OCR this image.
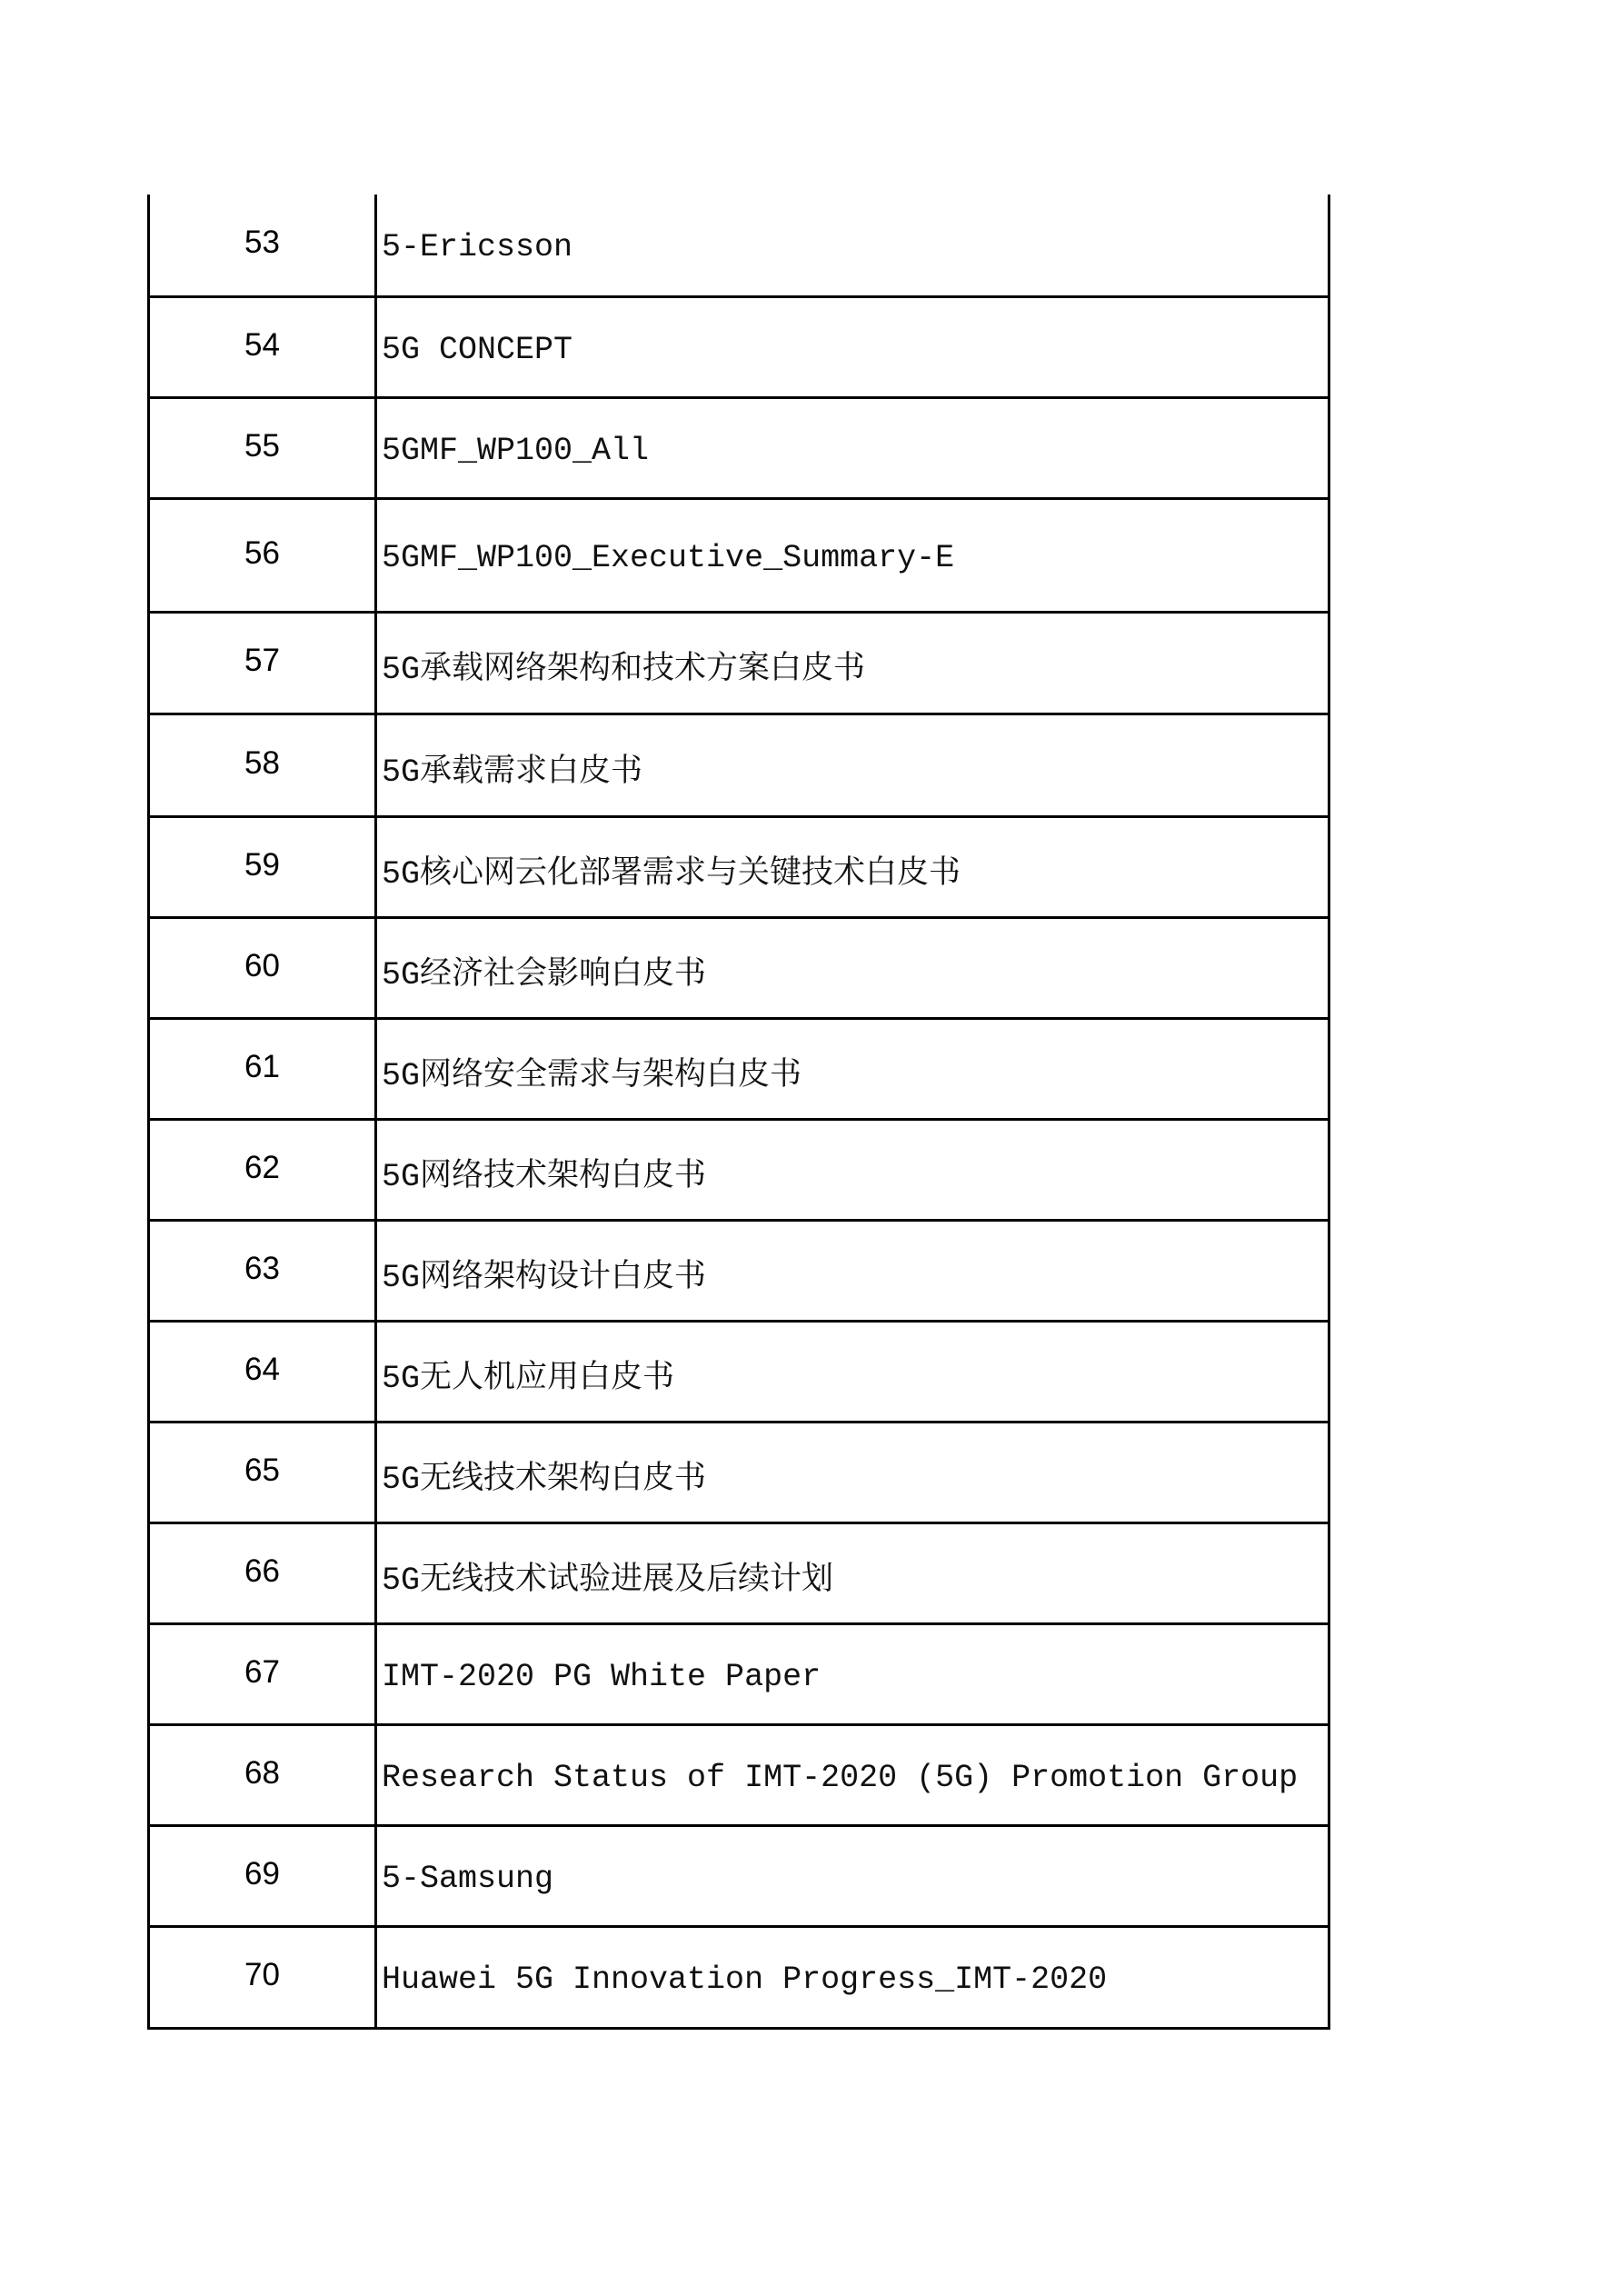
53	5-Ericsson
54	5G CONCEPT
55	5GMF_WP100_All
56	5GMF_WP100_Executive_Summary-E
57	5G承载网络架构和技术方案白皮书
58	5G承载需求白皮书
59	5G核心网云化部署需求与关键技术白皮书
60	5G经济社会影响白皮书
61	5G网络安全需求与架构白皮书
62	5G网络技术架构白皮书
63	5G网络架构设计白皮书
64	5G无人机应用白皮书
65	5G无线技术架构白皮书
66	5G无线技术试验进展及后续计划
67	IMT-2020 PG White Paper
68	Research Status of IMT-2020 (5G) Promotion Group
69	5-Samsung
70	Huawei 5G Innovation Progress_IMT-2020
